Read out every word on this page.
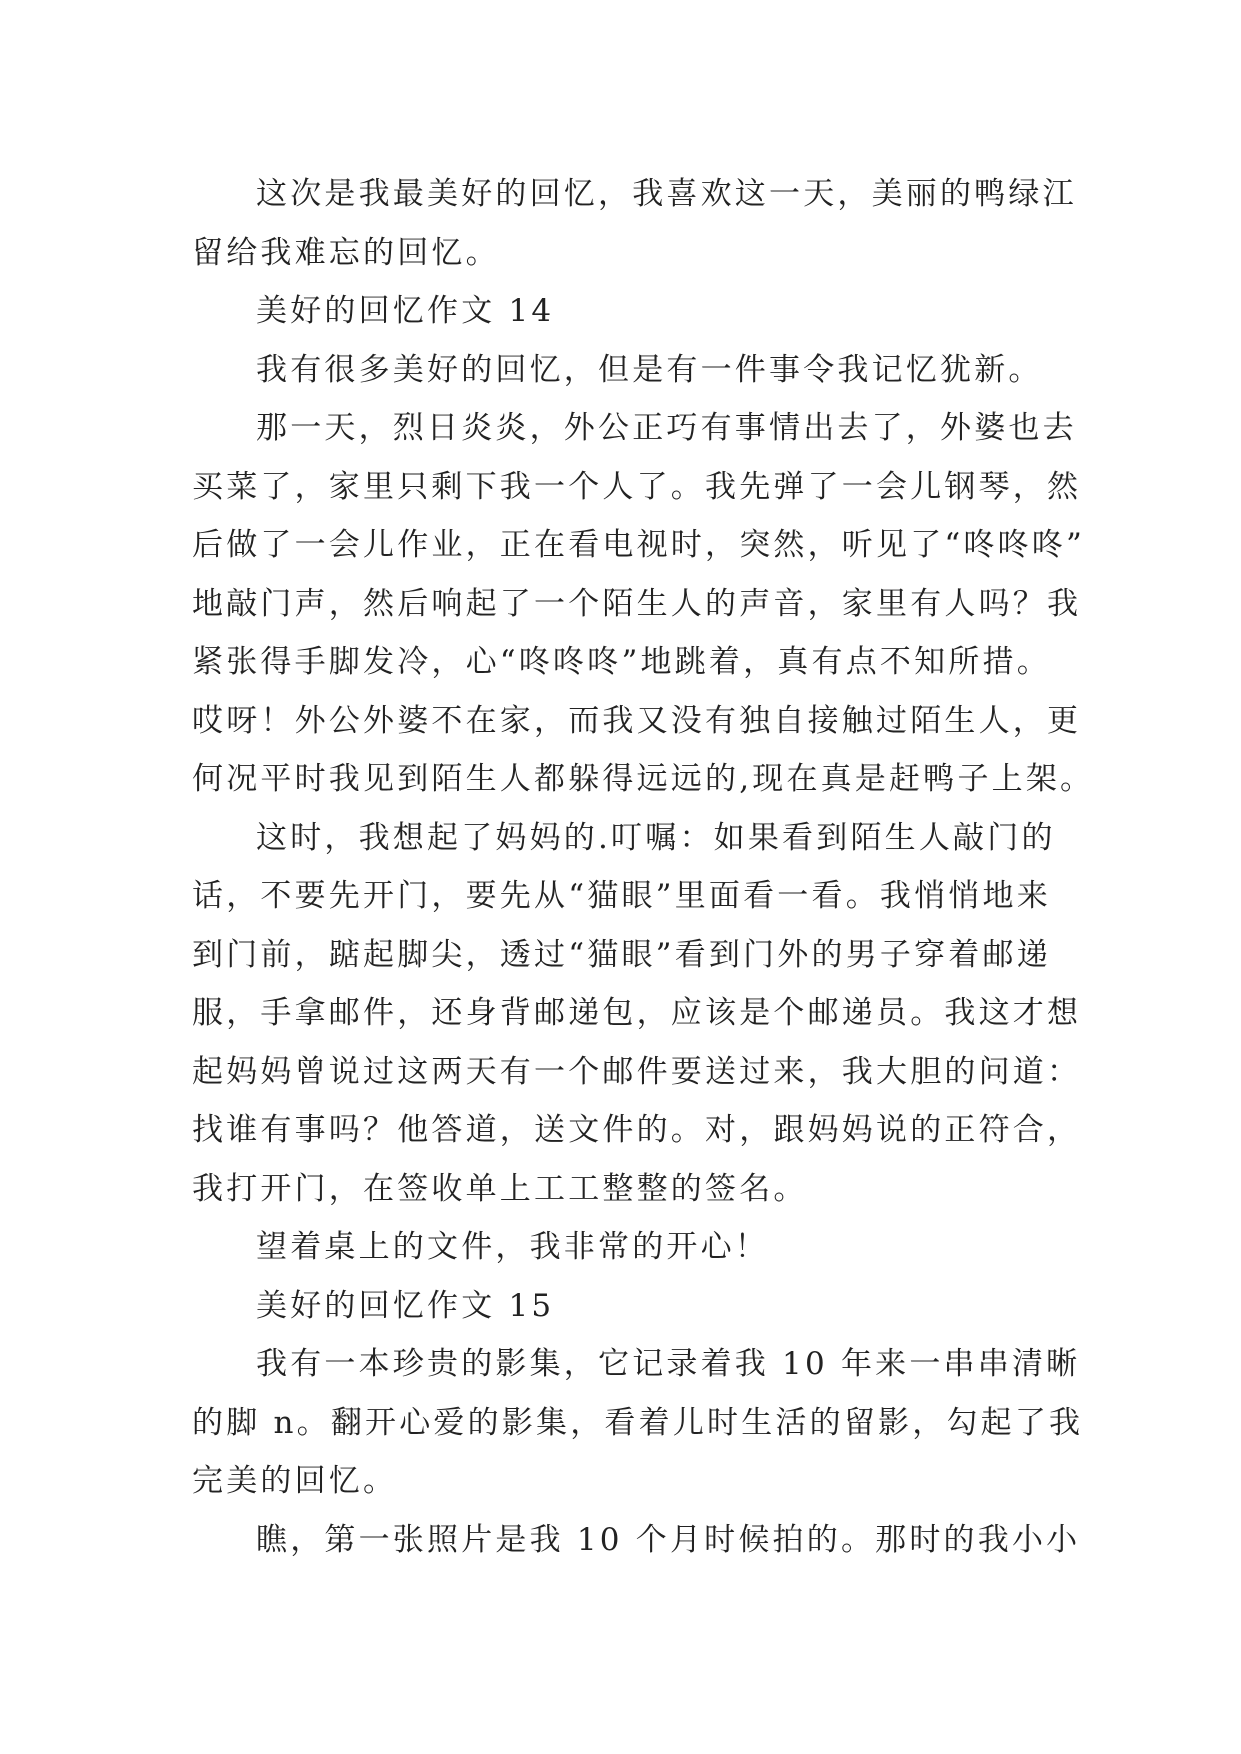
这次是我最美好的回忆，我喜欢这一天，美丽的鸭绿江
留给我难忘的回忆。
美好的回忆作文 14
我有很多美好的回忆，但是有一件事令我记忆犹新。
那一天，烈日炎炎，外公正巧有事情出去了，外婆也去
买菜了，家里只剩下我一个人了。我先弹了一会儿钢琴，然
后做了一会儿作业，正在看电视时，突然，听见了“咚咚咚”
地敲门声，然后响起了一个陌生人的声音，家里有人吗？我
紧张得手脚发冷，心“咚咚咚”地跳着，真有点不知所措。
哎呀！外公外婆不在家，而我又没有独自接触过陌生人，更
何况平时我见到陌生人都躲得远远的,现在真是赶鸭子上架。
这时，我想起了妈妈的.叮嘱：如果看到陌生人敲门的
话，不要先开门，要先从“猫眼”里面看一看。我悄悄地来
到门前，踮起脚尖，透过“猫眼”看到门外的男子穿着邮递
服，手拿邮件，还身背邮递包，应该是个邮递员。我这才想
起妈妈曾说过这两天有一个邮件要送过来，我大胆的问道：
找谁有事吗？他答道，送文件的。对，跟妈妈说的正符合，
我打开门，在签收单上工工整整的签名。
望着桌上的文件，我非常的开心！
美好的回忆作文 15
我有一本珍贵的影集，它记录着我 10 年来一串串清晰
的脚 n。翻开心爱的影集，看着儿时生活的留影，勾起了我
完美的回忆。
瞧，第一张照片是我 10 个月时候拍的。那时的我小小
